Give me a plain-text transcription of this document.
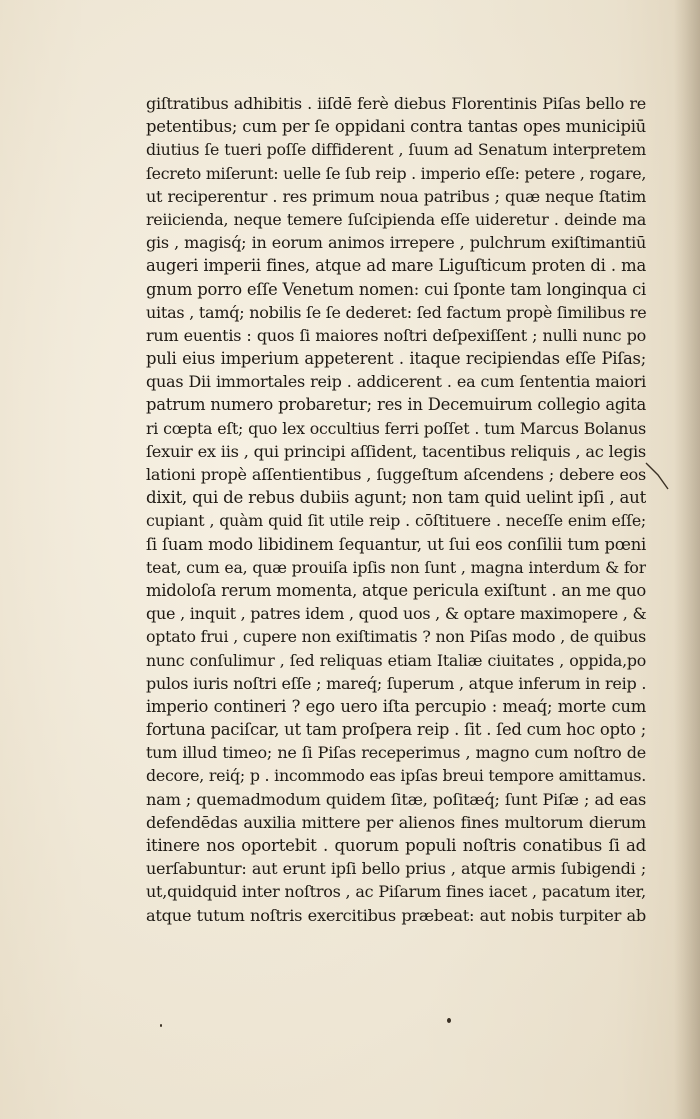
giſtratibus adhibitis . iiſdē ferè diebus Florentinis Piſas bello re
petentibus; cum per ſe oppidani contra tantas opes municipiū
diutius ſe tueri poſſe diffiderent , ſuum ad Senatum interpretem
ſecreto miſerunt: uelle ſe ſub reip . imperio eſſe: petere , rogare,
ut reciperentur . res primum noua patribus ; quæ neque ſtatim
reiicienda, neque temere ſuſcipienda eſſe uideretur . deinde ma
gis , magisq́; in eorum animos irrepere , pulchrum exiſtimantiū
augeri imperii fines, atque ad mare Liguſticum proten di . ma
gnum porro eſſe Venetum nomen: cui ſponte tam longinqua ci
uitas , tamq́; nobilis ſe ſe dederet: ſed factum propè ſimilibus re
rum euentis : quos ſi maiores noſtri deſpexiſſent ; nulli nunc po
puli eius imperium appeterent . itaque recipiendas eſſe Piſas;
quas Dii immortales reip . addicerent . ea cum ſententia maiori
patrum numero probaretur; res in Decemuirum collegio agita
ri cœpta eſt; quo lex occultius ferri poſſet . tum Marcus Bolanus
ſexuir ex iis , qui principi aſſident, tacentibus reliquis , ac legis
lationi propè aſſentientibus , ſuggeſtum aſcendens ; debere eos
dixit, qui de rebus dubiis agunt; non tam quid uelint ipſi , aut
cupiant , quàm quid ſit utile reip . cōſtituere . neceſſe enim eſſe;
ſi ſuam modo libidinem ſequantur, ut ſui eos conſilii tum pœni
teat, cum ea, quæ prouiſa ipſis non ſunt , magna interdum & for
midoloſa rerum momenta, atque pericula exiſtunt . an me quo
que , inquit , patres idem , quod uos , & optare maximopere , &
optato frui , cupere non exiſtimatis ? non Piſas modo , de quibus
nunc conſulimur , ſed reliquas etiam Italiæ ciuitates , oppida,po
pulos iuris noſtri eſſe ; mareq́; ſuperum , atque inferum in reip .
imperio contineri ? ego uero iſta percupio : meaq́; morte cum
fortuna paciſcar, ut tam proſpera reip . ſit . ſed cum hoc opto ;
tum illud timeo; ne ſi Piſas receperimus , magno cum noſtro de
decore, reiq́; p . incommodo eas ipſas breui tempore amittamus.
nam ; quemadmodum quidem ſitæ, poſitæq́; ſunt Piſæ ; ad eas
defendēdas auxilia mittere per alienos fines multorum dierum
itinere nos oportebit . quorum populi noſtris conatibus ſi ad
uerſabuntur: aut erunt ipſi bello prius , atque armis ſubigendi ;
ut,quidquid inter noſtros , ac Piſarum fines iacet , pacatum iter,
atque tutum noſtris exercitibus præbeat: aut nobis turpiter ab
